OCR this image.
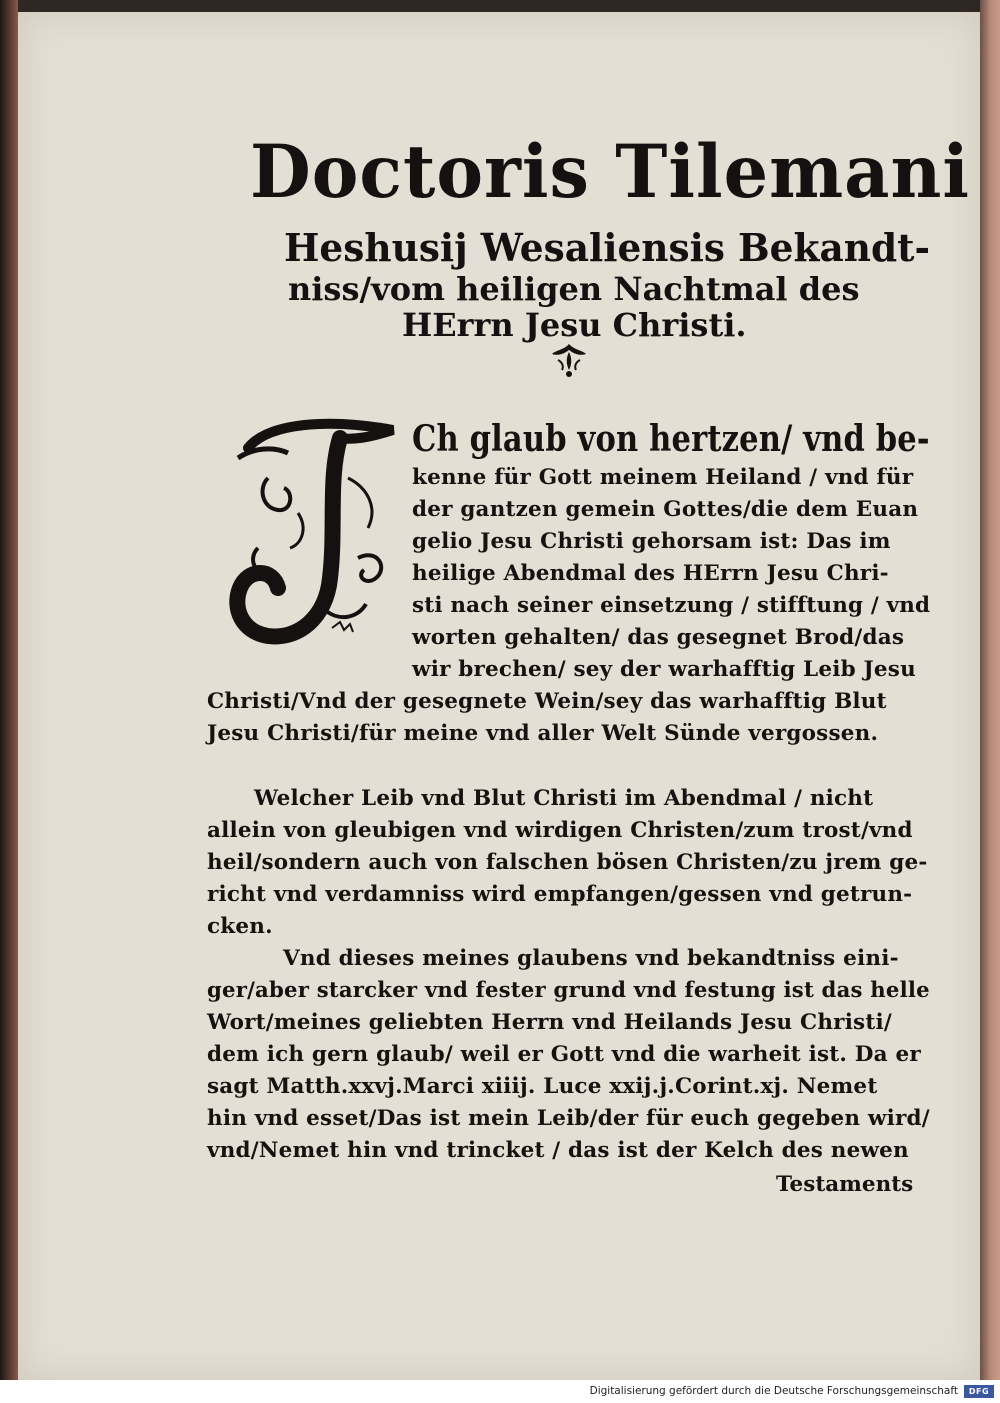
Doctoris Tilemani
Heshusij Wesaliensis Bekandt-
niss/vom heiligen Nachtmal des
HErrn Jesu Christi.
Ch glaub von hertzen/ vnd be-
kenne für Gott meinem Heiland / vnd für
der gantzen gemein Gottes/die dem Euan
gelio Jesu Christi gehorsam ist: Das im
heilige Abendmal des HErrn Jesu Chri-
sti nach seiner einsetzung / stifftung / vnd
worten gehalten/ das gesegnet Brod/das
wir brechen/ sey der warhafftig Leib Jesu
Christi/Vnd der gesegnete Wein/sey das warhafftig Blut
Jesu Christi/für meine vnd aller Welt Sünde vergossen.
Welcher Leib vnd Blut Christi im Abendmal / nicht
allein von gleubigen vnd wirdigen Christen/zum trost/vnd
heil/sondern auch von falschen bösen Christen/zu jrem ge-
richt vnd verdamniss wird empfangen/gessen vnd getrun-
cken.
Vnd dieses meines glaubens vnd bekandtniss eini-
ger/aber starcker vnd fester grund vnd festung ist das helle
Wort/meines geliebten Herrn vnd Heilands Jesu Christi/
dem ich gern glaub/ weil er Gott vnd die warheit ist. Da er
sagt Matth.xxvj.Marci xiiij. Luce xxij.j.Corint.xj. Nemet
hin vnd esset/Das ist mein Leib/der für euch gegeben wird/
vnd/Nemet hin vnd trincket / das ist der Kelch des newen
Testaments
Digitalisierung gefördert durch die Deutsche Forschungsgemeinschaft	DFG
